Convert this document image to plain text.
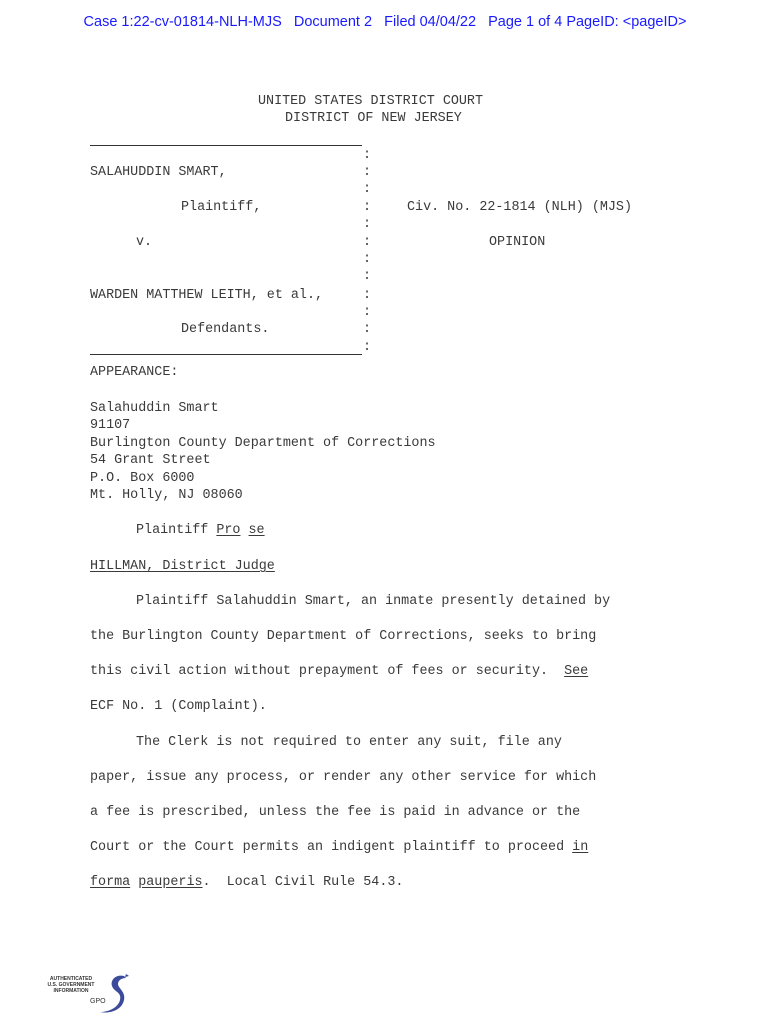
Case 1:22-cv-01814-NLH-MJS   Document 2   Filed 04/04/22   Page 1 of 4 PageID: <pageID>
UNITED STATES DISTRICT COURT
DISTRICT OF NEW JERSEY
:
:
:
:
:
:
:
:
:
:
:
:
SALAHUDDIN SMART,
Plaintiff,	Civ. No. 22-1814 (NLH) (MJS)
v.	OPINION
WARDEN MATTHEW LEITH, et al.,
Defendants.
APPEARANCE:
Salahuddin Smart
91107
Burlington County Department of Corrections
54 Grant Street
P.O. Box 6000
Mt. Holly, NJ 08060
Plaintiff Pro se
HILLMAN, District Judge
Plaintiff Salahuddin Smart, an inmate presently detained by
the Burlington County Department of Corrections, seeks to bring
this civil action without prepayment of fees or security.  See
ECF No. 1 (Complaint).
The Clerk is not required to enter any suit, file any
paper, issue any process, or render any other service for which
a fee is prescribed, unless the fee is paid in advance or the
Court or the Court permits an indigent plaintiff to proceed in
forma pauperis.  Local Civil Rule 54.3.
AUTHENTICATED
U.S. GOVERNMENT
INFORMATION
GPO
